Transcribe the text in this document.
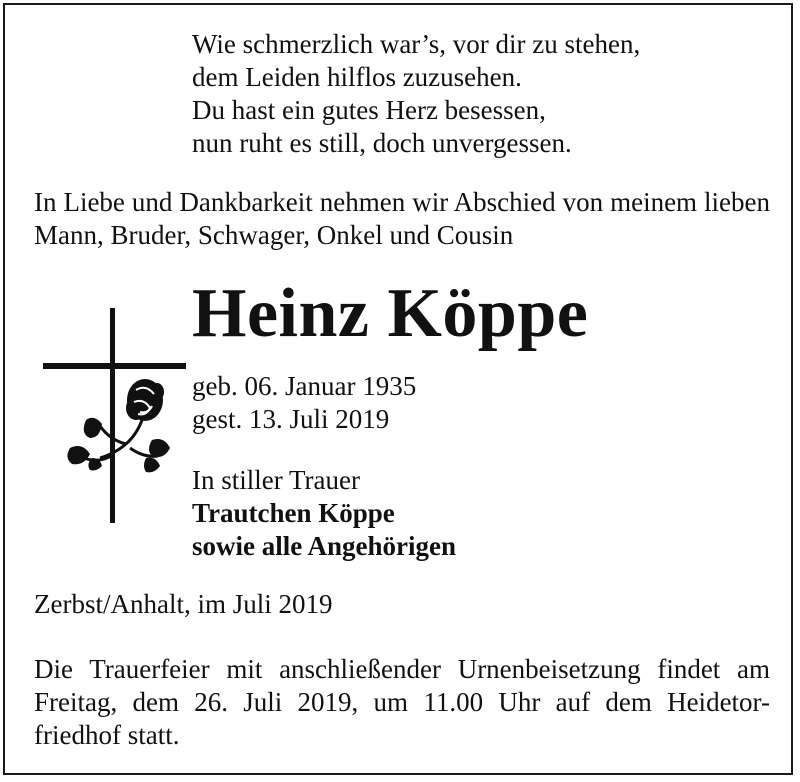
Wie schmerzlich war’s, vor dir zu stehen,
dem Leiden hilflos zuzusehen.
Du hast ein gutes Herz besessen,
nun ruht es still, doch unvergessen.
In Liebe und Dankbarkeit nehmen wir Abschied von meinem lieben Mann, Bruder, Schwager, Onkel und Cousin
Heinz Köppe
geb. 06. Januar 1935
gest. 13. Juli 2019
In stiller Trauer
Trautchen Köppe
sowie alle Angehörigen
Zerbst/Anhalt, im Juli 2019
Die Trauerfeier mit anschließender Urnenbeisetzung findet am
Freitag, dem 26. Juli 2019, um 11.00 Uhr auf dem Heidetor-
friedhof statt.
